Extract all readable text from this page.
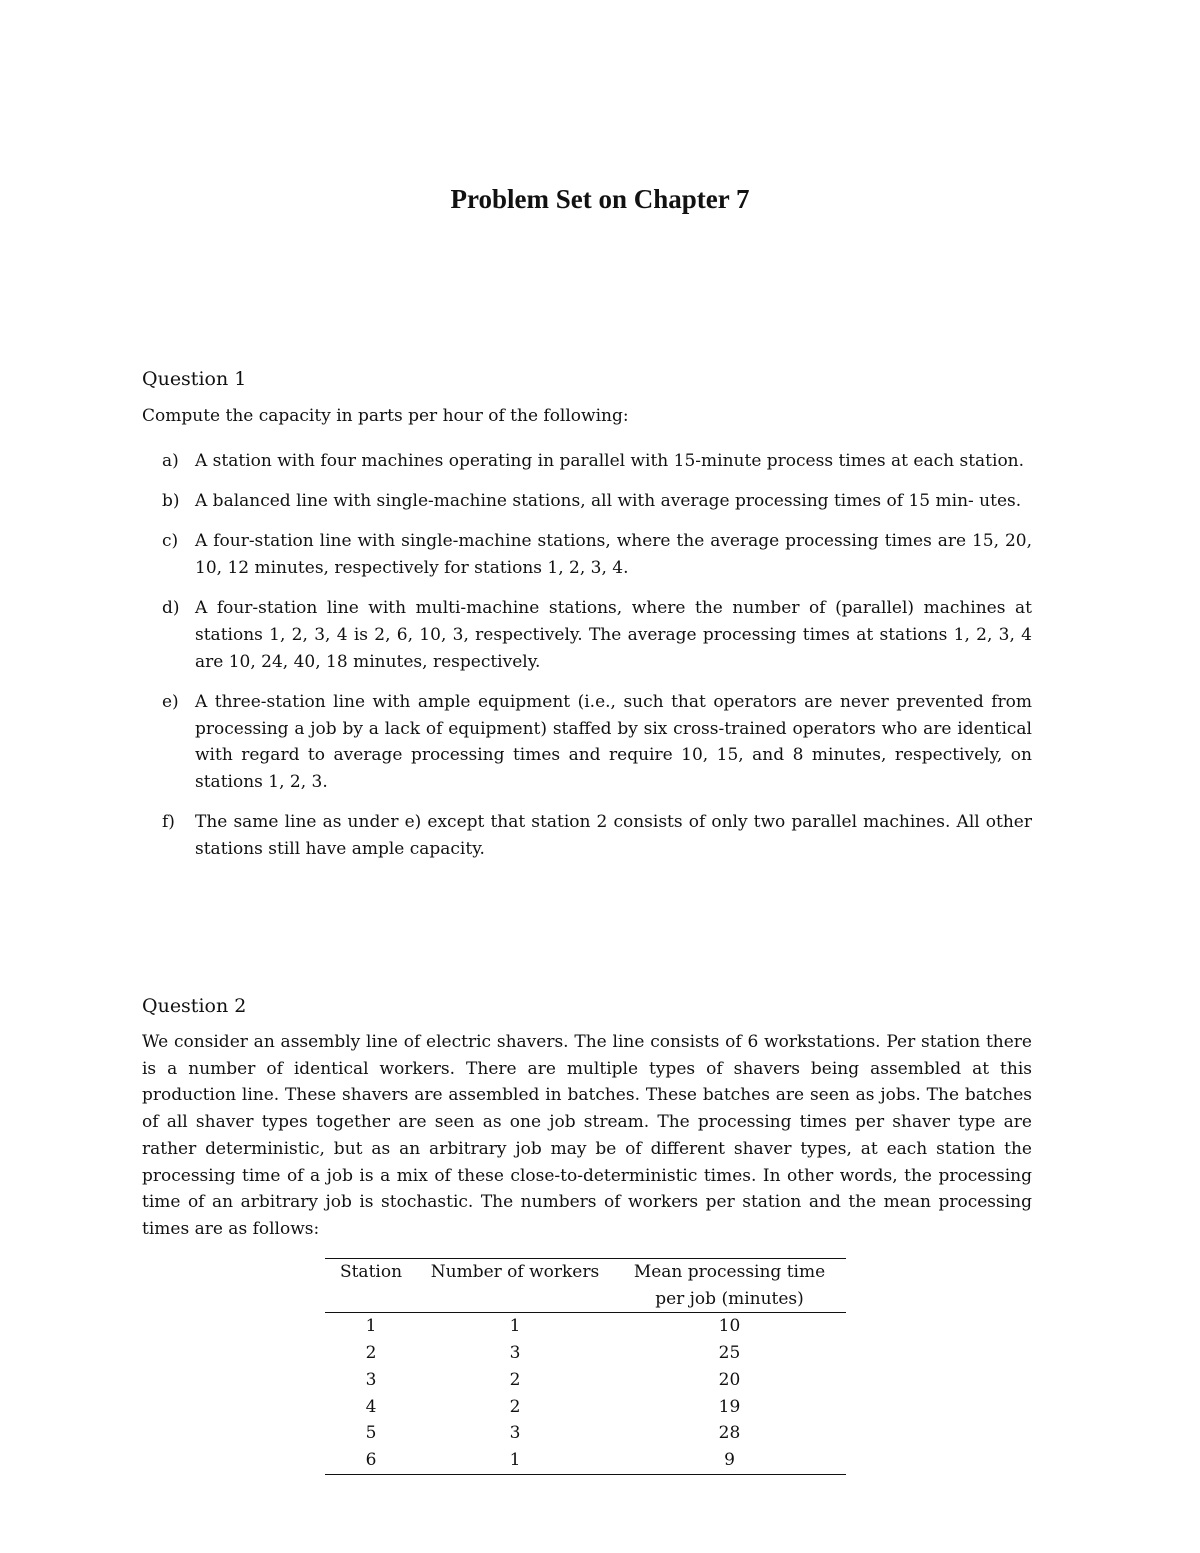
Problem Set on Chapter 7
Question 1

Compute the capacity in parts per hour of the following:

a) A station with four machines operating in parallel with 15-minute process times at each station.
b) A balanced line with single-machine stations, all with average processing times of 15 min- utes.
c) A four-station line with single-machine stations, where the average processing times are 15, 20, 10, 12 minutes, respectively for stations 1, 2, 3, 4.
d) A four-station line with multi-machine stations, where the number of (parallel) machines at stations 1, 2, 3, 4 is 2, 6, 10, 3, respectively. The average processing times at stations 1, 2, 3, 4 are 10, 24, 40, 18 minutes, respectively.
e) A three-station line with ample equipment (i.e., such that operators are never prevented from processing a job by a lack of equipment) staffed by six cross-trained operators who are identical with regard to average processing times and require 10, 15, and 8 minutes, respectively, on stations 1, 2, 3.
f) The same line as under e) except that station 2 consists of only two parallel machines. All other stations still have ample capacity.
Question 2

We consider an assembly line of electric shavers. The line consists of 6 workstations. Per station there is a number of identical workers. There are multiple types of shavers being assembled at this production line. These shavers are assembled in batches. These batches are seen as jobs. The batches of all shaver types together are seen as one job stream. The processing times per shaver type are rather deterministic, but as an arbitrary job may be of different shaver types, at each station the processing time of a job is a mix of these close-to-deterministic times. In other words, the processing time of an arbitrary job is stochastic. The numbers of workers per station and the mean processing times are as follows:

Station	Number of workers	Mean processing time
per job (minutes)

1	1	10
2	3	25
3	2	20
4	2	19
5	3	28
6	1	9
